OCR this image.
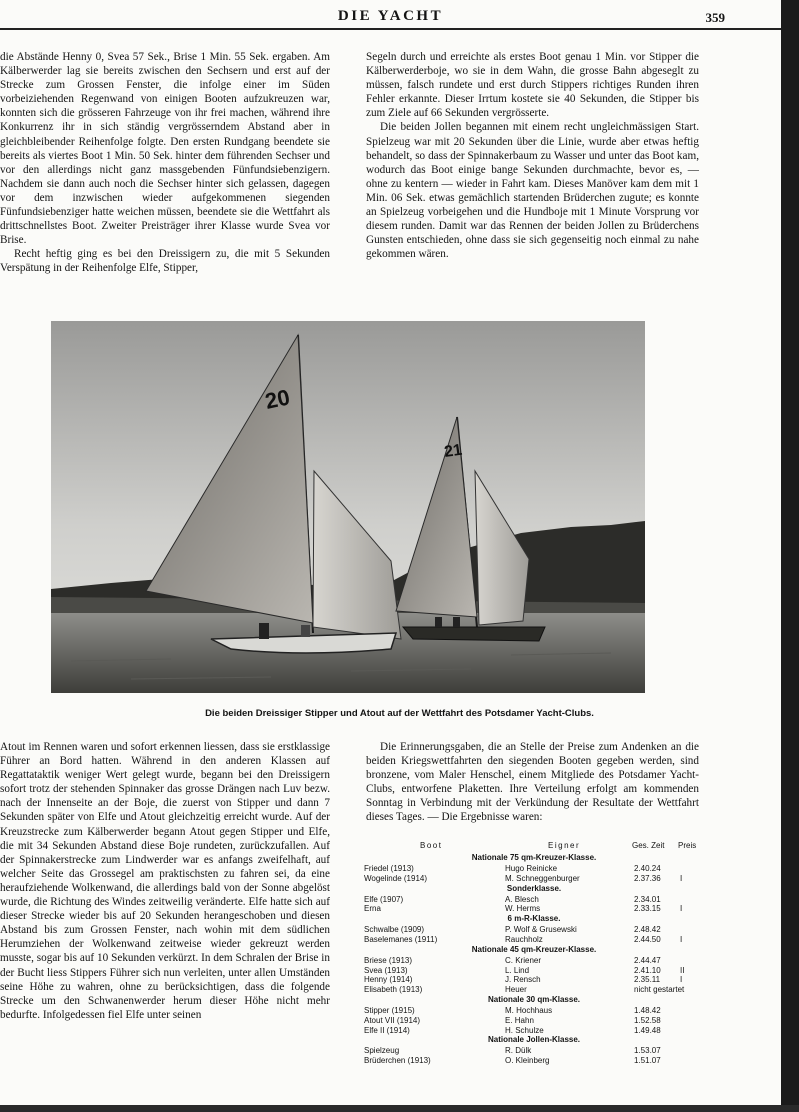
DIE YACHT	359

die Abstände Henny 0, Svea 57 Sek., Brise 1 Min. 55 Sek. ergaben. Am Kälberwerder lag sie bereits zwischen den Sechsern und erst auf der Strecke zum Grossen Fenster, die infolge einer im Süden vorbeiziehenden Regenwand von einigen Booten aufzukreuzen war, konnten sich die grösseren Fahrzeuge von ihr frei machen, während ihre Konkurrenz ihr in sich ständig vergrösserndem Abstand aber in gleichbleibender Reihenfolge folgte. Den ersten Rundgang beendete sie bereits als viertes Boot 1 Min. 50 Sek. hinter dem führenden Sechser und vor den allerdings nicht ganz massgebenden Fünfundsiebenzigern. Nachdem sie dann auch noch die Sechser hinter sich gelassen, dagegen vor dem inzwischen wieder aufgekommenen siegenden Fünfundsiebenziger hatte weichen müssen, beendete sie die Wettfahrt als drittschnellstes Boot. Zweiter Preisträger ihrer Klasse wurde Svea vor Brise.

Recht heftig ging es bei den Dreissigern zu, die mit 5 Sekunden Verspätung in der Reihenfolge Elfe, Stipper,

Segeln durch und erreichte als erstes Boot genau 1 Min. vor Stipper die Kälberwerderboje, wo sie in dem Wahn, die grosse Bahn abgeseglt zu müssen, falsch rundete und erst durch Stippers richtiges Runden ihren Fehler erkannte. Dieser Irrtum kostete sie 40 Sekunden, die Stipper bis zum Ziele auf 66 Sekunden vergrösserte.

Die beiden Jollen begannen mit einem recht ungleichmässigen Start. Spielzeug war mit 20 Sekunden über die Linie, wurde aber etwas heftig behandelt, so dass der Spinnakerbaum zu Wasser und unter das Boot kam, wodurch das Boot einige bange Sekunden durchmachte, bevor es, — ohne zu kentern — wieder in Fahrt kam. Dieses Manöver kam dem mit 1 Min. 06 Sek. etwas gemächlich startenden Brüderchen zugute; es konnte an Spielzeug vorbeigehen und die Hundboje mit 1 Minute Vorsprung vor diesem runden. Damit war das Rennen der beiden Jollen zu Brüderchens Gunsten entschieden, ohne dass sie sich gegenseitig noch einmal zu nahe gekommen wären.

20
21
Die beiden Dreissiger Stipper und Atout auf der Wettfahrt des Potsdamer Yacht-Clubs.

Atout im Rennen waren und sofort erkennen liessen, dass sie erstklassige Führer an Bord hatten. Während in den anderen Klassen auf Regattataktik weniger Wert gelegt wurde, begann bei den Dreissigern sofort trotz der stehenden Spinnaker das grosse Drängen nach Luv bezw. nach der Innenseite an der Boje, die zuerst von Stipper und dann 7 Sekunden später von Elfe und Atout gleichzeitig erreicht wurde. Auf der Kreuzstrecke zum Kälberwerder begann Atout gegen Stipper und Elfe, die mit 34 Sekunden Abstand diese Boje rundeten, zurückzufallen. Auf der Spinnakerstrecke zum Lindwerder war es anfangs zweifelhaft, auf welcher Seite das Grossegel am praktischsten zu fahren sei, da eine heraufziehende Wolkenwand, die allerdings bald von der Sonne abgelöst wurde, die Richtung des Windes zeitweilig veränderte. Elfe hatte sich auf dieser Strecke wieder bis auf 20 Sekunden herangeschoben und diesen Abstand bis zum Grossen Fenster, nach wohin mit dem südlichen Herumziehen der Wolkenwand zeitweise wieder gekreuzt werden musste, sogar bis auf 10 Sekunden verkürzt. In dem Schralen der Brise in der Bucht liess Stippers Führer sich nun verleiten, unter allen Umständen seine Höhe zu wahren, ohne zu berücksichtigen, dass die folgende Strecke um den Schwanenwerder herum dieser Höhe nicht mehr bedurfte. Infolgedessen fiel Elfe unter seinen

Die Erinnerungsgaben, die an Stelle der Preise zum Andenken an die beiden Kriegswettfahrten den siegenden Booten gegeben werden, sind bronzene, vom Maler Henschel, einem Mitgliede des Potsdamer Yacht-Clubs, entworfene Plaketten. Ihre Verteilung erfolgt am kommenden Sonntag in Verbindung mit der Verkündung der Resultate der Wettfahrt dieses Tages. — Die Ergebnisse waren:

Boot	Eigner	Ges. Zeit Preis
Nationale 75 qm-Kreuzer-Klasse.
Friedel (1913)	Hugo Reinicke	2.40.24
Wogelinde (1914)	M. Schneggenburger	2.37.36 I
Sonderklasse.
Elfe (1907)	A. Blesch	2.34.01
Erna	W. Herms	2.33.15 I
6 m-R-Klasse.
Schwalbe (1909)	P. Wolf & Grusewski	2.48.42
Baselemanes (1911)	Rauchholz	2.44.50 I
Nationale 45 qm-Kreuzer-Klasse.
Briese (1913)	C. Kriener	2.44.47
Svea (1913)	L. Lind	2.41.10 II
Henny (1914)	J. Rensch	2.35.11 I
Elisabeth (1913)	Heuer	nicht gestartet
Nationale 30 qm-Klasse.
Stipper (1915)	M. Hochhaus	1.48.42
Atout VII (1914)	E. Hahn	1.52.58
Elfe II (1914)	H. Schulze	1.49.48
Nationale Jollen-Klasse.
Spielzeug	R. Dülk	1.53.07
Brüderchen (1913)	O. Kleinberg	1.51.07
